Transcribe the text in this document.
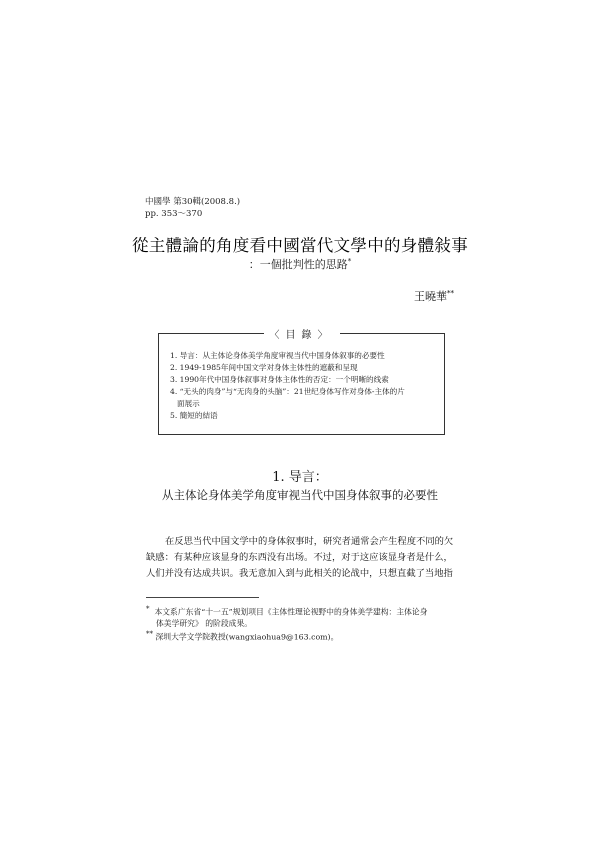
中國學 第30輯(2008.8.)
pp. 353～370
從主體論的角度看中國當代文學中的身體敍事
：一個批判性的思路*
王曉華**
〈目錄〉
1. 导言：从主体论身体美学角度审视当代中国身体叙事的必要性
2. 1949-1985年间中国文学对身体主体性的遮蔽和呈现
3. 1990年代中国身体叙事对身体主体性的否定：一个明晰的线索
4. “无头的肉身”与“无肉身的头脑”：21世纪身体写作对身体-主体的片
面展示
5. 簡短的結语
1. 导言：
从主体论身体美学角度审视当代中国身体叙事的必要性
在反思当代中国文学中的身体叙事时，研究者通常会产生程度不同的欠
缺感：有某种应该显身的东西没有出场。不过，对于这应该显身者是什么，
人们并没有达成共识。我无意加入到与此相关的论战中，只想直截了当地指
* 本文系广东省“十一五”规划项目《主体性理论视野中的身体美学建构：主体论身
体美学研究》 的阶段成果。
** 深圳大学文学院教授(wangxiaohua9@163.com)。
